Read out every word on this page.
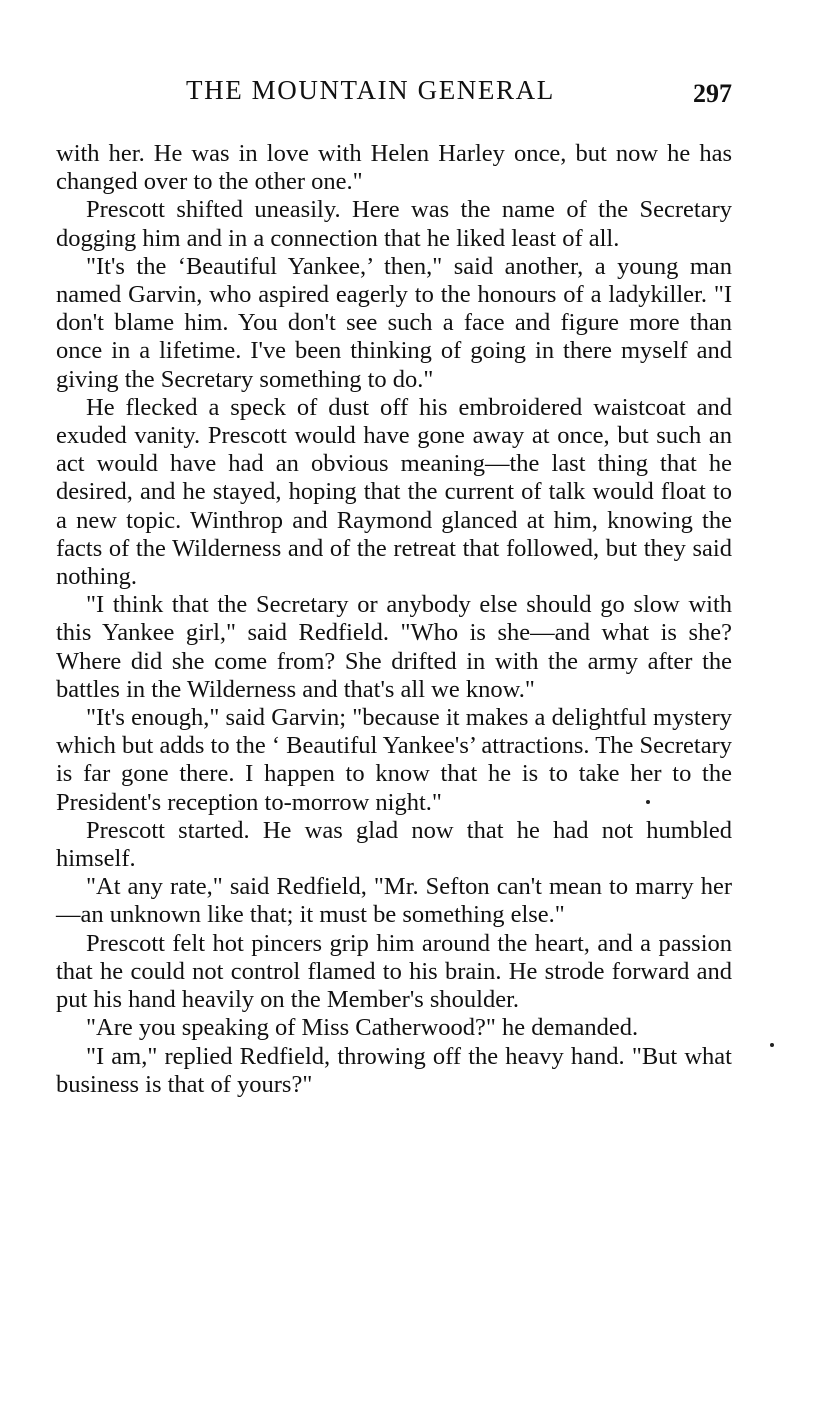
THE MOUNTAIN GENERAL	297

with her. He was in love with Helen Harley once, but now he has changed over to the other one."

Prescott shifted uneasily. Here was the name of the Secretary dogging him and in a connection that he liked least of all.

"It's the ‘Beautiful Yankee,’ then," said another, a young man named Garvin, who aspired eagerly to the honours of a ladykiller. "I don't blame him. You don't see such a face and figure more than once in a lifetime. I've been thinking of going in there myself and giving the Secretary something to do."

He flecked a speck of dust off his embroidered waistcoat and exuded vanity. Prescott would have gone away at once, but such an act would have had an obvious meaning—the last thing that he desired, and he stayed, hoping that the current of talk would float to a new topic. Winthrop and Raymond glanced at him, knowing the facts of the Wilderness and of the retreat that followed, but they said nothing.

"I think that the Secretary or anybody else should go slow with this Yankee girl," said Redfield. "Who is she—and what is she? Where did she come from? She drifted in with the army after the battles in the Wilderness and that's all we know."

"It's enough," said Garvin; "because it makes a delightful mystery which but adds to the ‘ Beautiful Yankee's’ attractions. The Secretary is far gone there. I happen to know that he is to take her to the President's reception to-morrow night."

Prescott started. He was glad now that he had not humbled himself.

"At any rate," said Redfield, "Mr. Sefton can't mean to marry her—an unknown like that; it must be something else."

Prescott felt hot pincers grip him around the heart, and a passion that he could not control flamed to his brain. He strode forward and put his hand heavily on the Member's shoulder.

"Are you speaking of Miss Catherwood?" he demanded.

"I am," replied Redfield, throwing off the heavy hand. "But what business is that of yours?"
